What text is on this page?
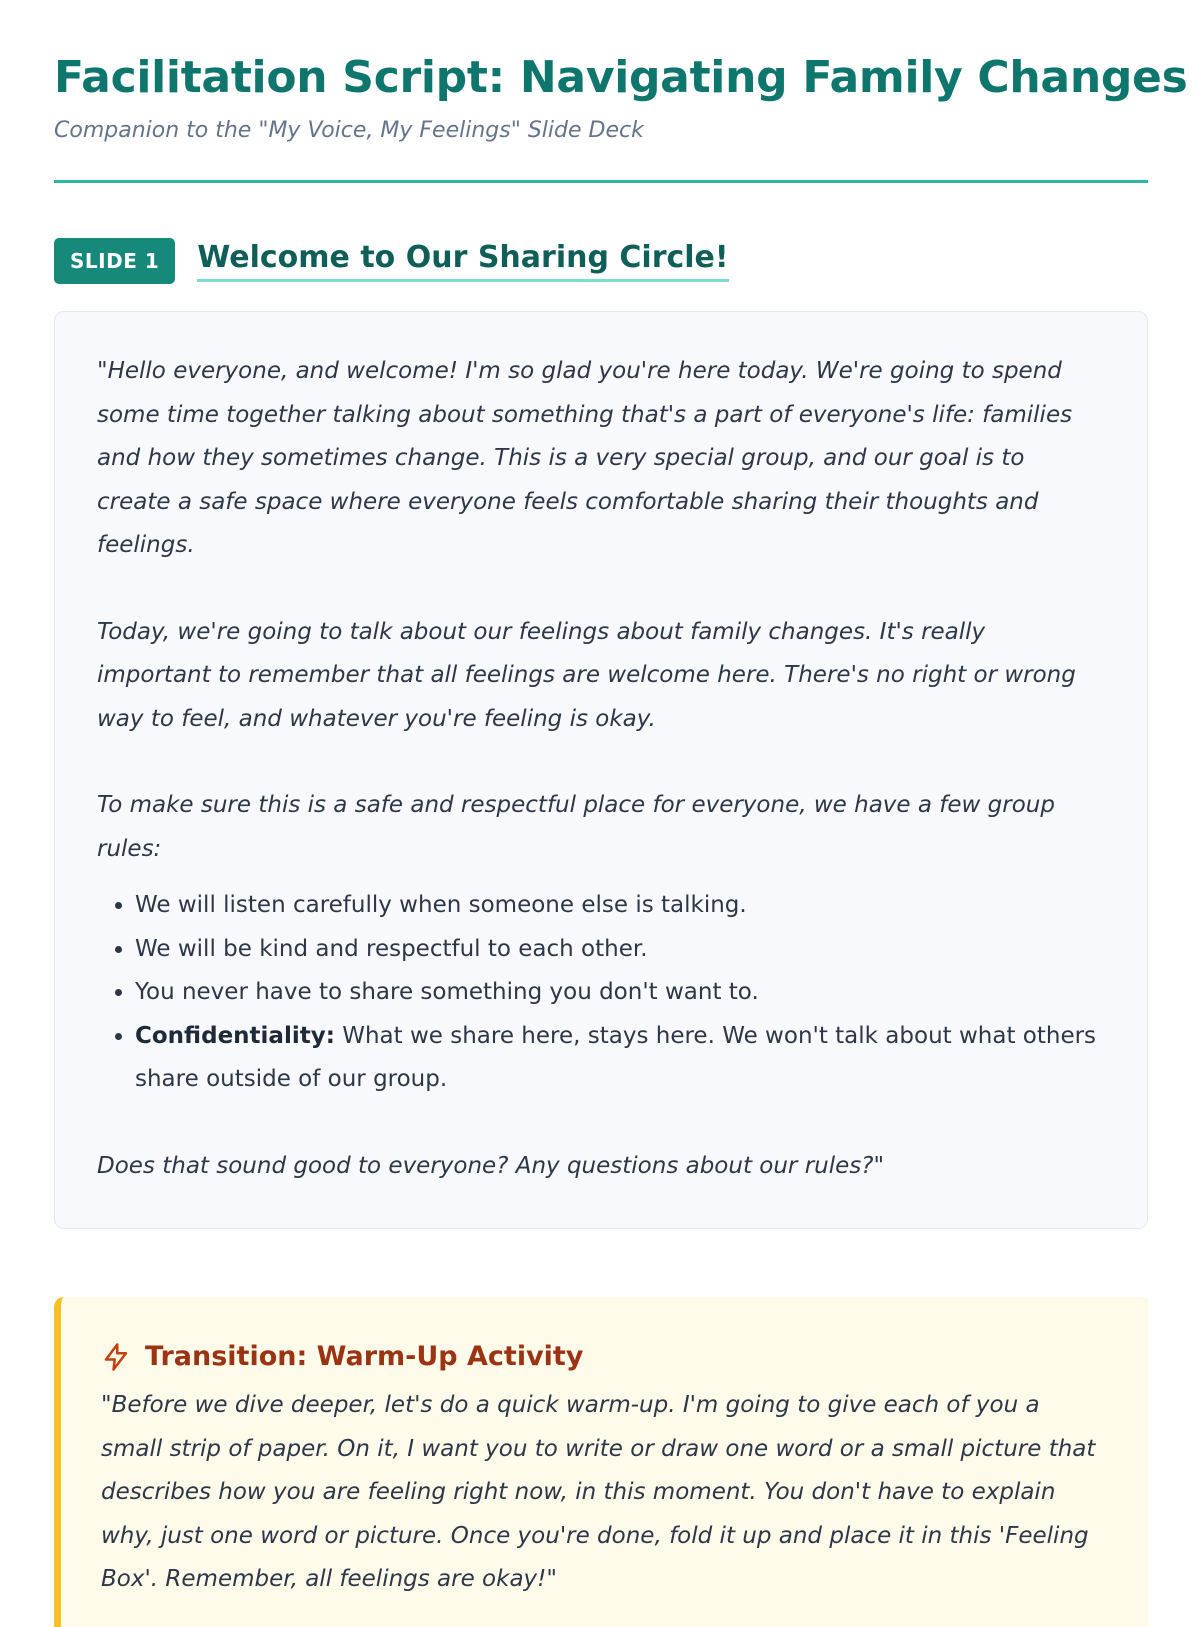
Facilitation Script: Navigating Family Changes
Companion to the "My Voice, My Feelings" Slide Deck
SLIDE 1	Welcome to Our Sharing Circle!

"Hello everyone, and welcome! I'm so glad you're here today. We're going to spend some time together talking about something that's a part of everyone's life: families and how they sometimes change. This is a very special group, and our goal is to create a safe space where everyone feels comfortable sharing their thoughts and feelings.

Today, we're going to talk about our feelings about family changes. It's really important to remember that all feelings are welcome here. There's no right or wrong way to feel, and whatever you're feeling is okay.

To make sure this is a safe and respectful place for everyone, we have a few group rules:

• We will listen carefully when someone else is talking.
• We will be kind and respectful to each other.
• You never have to share something you don't want to.
• Confidentiality: What we share here, stays here. We won't talk about what others share outside of our group.

Does that sound good to everyone? Any questions about our rules?"

Transition: Warm-Up Activity

"Before we dive deeper, let's do a quick warm-up. I'm going to give each of you a small strip of paper. On it, I want you to write or draw one word or a small picture that describes how you are feeling right now, in this moment. You don't have to explain why, just one word or picture. Once you're done, fold it up and place it in this 'Feeling Box'. Remember, all feelings are okay!"
